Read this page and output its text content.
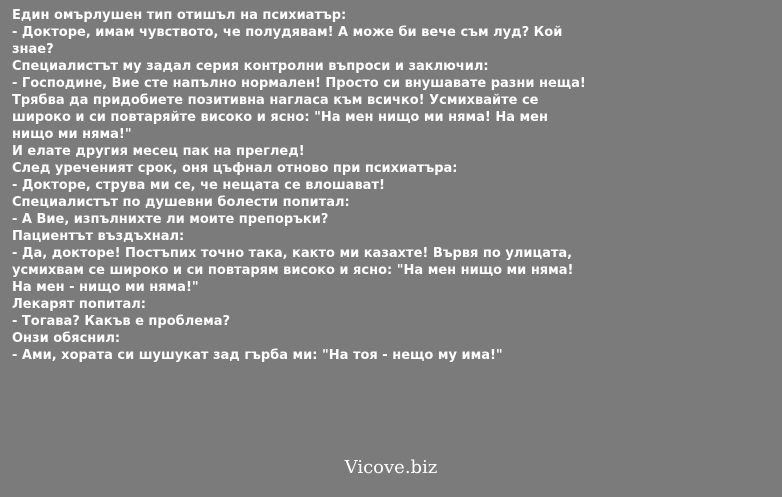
Един омърлушен тип отишъл на психиатър:
- Докторе, имам чувството, че полудявам! А може би вече съм луд? Кой знае?
Специалистът му задал серия контролни въпроси и заключил:
- Господине, Вие сте напълно нормален! Просто си внушавате разни неща! Трябва да придобиете позитивна нагласа към всичко! Усмихвайте се широко и си повтаряйте високо и ясно: "На мен нищо ми няма! На мен нищо ми няма!"
И елате другия месец пак на преглед!
След уреченият срок, оня цъфнал отново при психиатъра:
- Докторе, струва ми се, че нещата се влошават!
Специалистът по душевни болести попитал:
- А Вие, изпълнихте ли моите препоръки?
Пациентът въздъхнал:
- Да, докторе! Постъпих точно така, както ми казахте! Вървя по улицата, усмихвам се широко и си повтарям високо и ясно: "На мен нищо ми няма! На мен - нищо ми няма!"
Лекарят попитал:
- Тогава? Какъв е проблема?
Онзи обяснил:
- Ами, хората си шушукат зад гърба ми: "На тоя - нещо му има!"
Vicove.biz
